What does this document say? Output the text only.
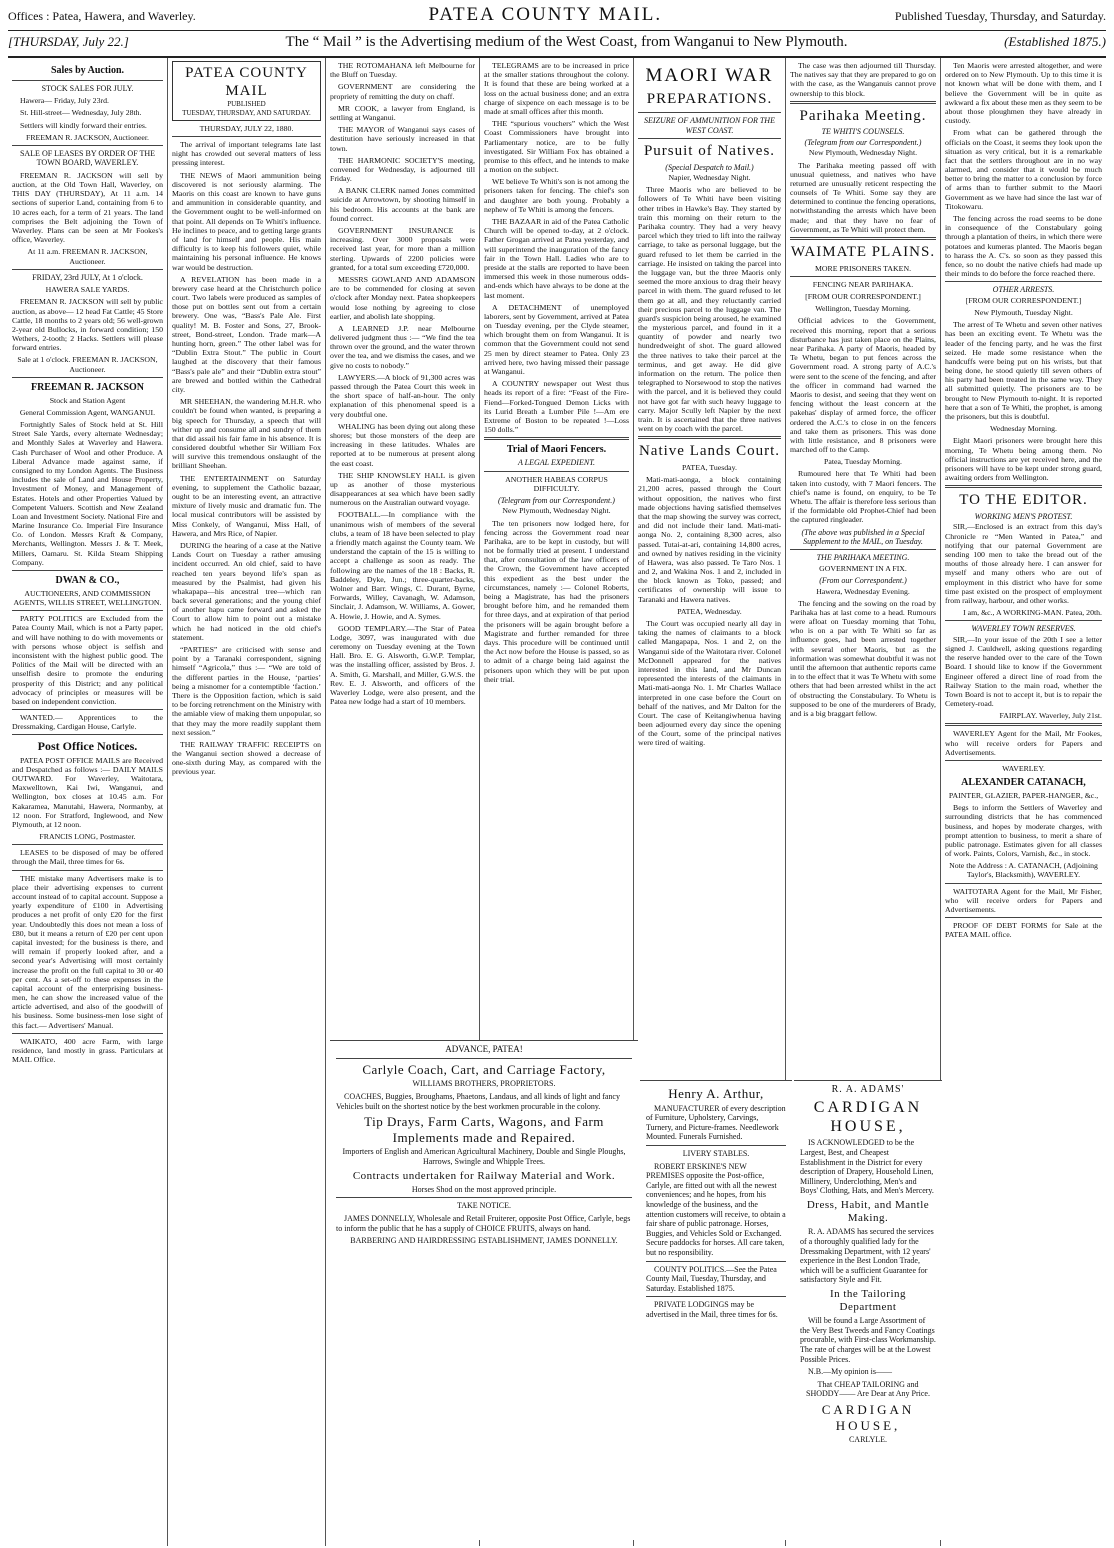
Offices : Patea, Hawera, and Waverley.	PATEA COUNTY MAIL.	Published Tuesday, Thursday, and Saturday.
[THURSDAY, July 22.]	The “ Mail ” is the Advertising medium of the West Coast, from Wanganui to New Plymouth.	(Established 1875.)
Sales by Auction.

STOCK SALES FOR JULY.

Hawera— Friday, July 23rd.

St. Hill-street— Wednesday, July 28th.

Settlers will kindly forward their entries.

FREEMAN R. JACKSON, Auctioneer.

SALE OF LEASES BY ORDER OF THE TOWN BOARD, WAVERLEY.

FREEMAN R. JACKSON will sell by auction, at the Old Town Hall, Waverley, on THIS DAY (THURSDAY), At 11 a.m. 14 sections of superior Land, containing from 6 to 10 acres each, for a term of 21 years. The land comprises the Belt adjoining the Town of Waverley. Plans can be seen at Mr Fookes's office, Waverley.

At 11 a.m. FREEMAN R. JACKSON, Auctioneer.

FRIDAY, 23rd JULY, At 1 o'clock.

HAWERA SALE YARDS.

FREEMAN R. JACKSON will sell by public auction, as above— 12 head Fat Cattle; 45 Store Cattle, 18 months to 2 years old; 56 well-grown 2-year old Bullocks, in forward condition; 150 Wethers, 2-tooth; 2 Hacks. Settlers will please forward entries.

Sale at 1 o'clock. FREEMAN R. JACKSON, Auctioneer.

FREEMAN R. JACKSON

Stock and Station Agent

General Commission Agent, WANGANUI.

Fortnightly Sales of Stock held at St. Hill Street Sale Yards, every alternate Wednesday; and Monthly Sales at Waverley and Hawera. Cash Purchaser of Wool and other Produce. A Liberal Advance made against same, if consigned to my London Agents. The Business includes the sale of Land and House Property, Investment of Money, and Management of Estates. Hotels and other Properties Valued by Competent Valuers. Scottish and New Zealand Loan and Investment Society. National Fire and Marine Insurance Co. Imperial Fire Insurance Co. of London. Messrs Kraft & Company, Merchants, Wellington. Messrs J. & T. Meek, Millers, Oamaru. St. Kilda Steam Shipping Company.

DWAN & CO.,

AUCTIONEERS, AND COMMISSION AGENTS, WILLIS STREET, WELLINGTON.

PARTY POLITICS are Excluded from the Patea County Mail, which is not a Party paper, and will have nothing to do with movements or with persons whose object is selfish and inconsistent with the highest public good. The Politics of the Mail will be directed with an unselfish desire to promote the enduring prosperity of this District; and any political advocacy of principles or measures will be based on independent conviction.

WANTED.— Apprentices to the Dressmaking, Cardigan House, Carlyle.

Post Office Notices.

PATEA POST OFFICE MAILS are Received and Despatched as follows :— DAILY MAILS OUTWARD. For Waverley, Waitotara, Maxwelltown, Kai Iwi, Wanganui, and Wellington, box closes at 10.45 a.m. For Kakaramea, Manutahi, Hawera, Normanby, at 12 noon. For Stratford, Inglewood, and New Plymouth, at 12 noon.

FRANCIS LONG, Postmaster.

LEASES to be disposed of may be offered through the Mail, three times for 6s.

THE mistake many Advertisers make is to place their advertising expenses to current account instead of to capital account. Suppose a yearly expenditure of £100 in Advertising produces a net profit of only £20 for the first year. Undoubtedly this does not mean a loss of £80, but it means a return of £20 per cent upon capital invested; for the business is there, and will remain if properly looked after, and a second year's Advertising will most certainly increase the profit on the full capital to 30 or 40 per cent. As a set-off to these expenses in the capital account of the enterprising business-men, he can show the increased value of the article advertised, and also of the goodwill of his business. Some business-men lose sight of this fact.— Advertisers' Manual.

WAIKATO, 400 acre Farm, with large residence, land mostly in grass. Particulars at MAIL Office.

PATEA COUNTY MAIL
PUBLISHED
TUESDAY, THURSDAY, AND SATURDAY.

THURSDAY, JULY 22, 1880.

The arrival of important telegrams late last night has crowded out several matters of less pressing interest.

THE NEWS of Maori ammunition being discovered is not seriously alarming. The Maoris on this coast are known to have guns and ammunition in considerable quantity, and the Government ought to be well-informed on that point. All depends on Te Whiti's influence. He inclines to peace, and to getting large grants of land for himself and people. His main difficulty is to keep his followers quiet, while maintaining his personal influence. He knows war would be destruction.

A REVELATION has been made in a brewery case heard at the Christchurch police court. Two labels were produced as samples of those put on bottles sent out from a certain brewery. One was, “Bass's Pale Ale. First quality! M. B. Foster and Sons, 27, Brook-street, Bond-street, London. Trade mark—A hunting horn, green.” The other label was for “Dublin Extra Stout.” The public in Court laughed at the discovery that their famous “Bass's pale ale” and their “Dublin extra stout” are brewed and bottled within the Cathedral city.

MR SHEEHAN, the wandering M.H.R. who couldn't be found when wanted, is preparing a big speech for Thursday, a speech that will wither up and consume all and sundry of them that did assail his fair fame in his absence. It is considered doubtful whether Sir William Fox will survive this tremendous onslaught of the brilliant Sheehan.

THE ENTERTAINMENT on Saturday evening, to supplement the Catholic bazaar, ought to be an interesting event, an attractive mixture of lively music and dramatic fun. The local musical contributors will be assisted by Miss Conkely, of Wanganui, Miss Hall, of Hawera, and Mrs Rice, of Napier.

DURING the hearing of a case at the Native Lands Court on Tuesday a rather amusing incident occurred. An old chief, said to have reached ten years beyond life's span as measured by the Psalmist, had given his whakapapa—his ancestral tree—which ran back several generations; and the young chief of another hapu came forward and asked the Court to allow him to point out a mistake which he had noticed in the old chief's statement.

“PARTIES” are criticised with sense and point by a Taranaki correspondent, signing himself “Agricola,” thus :— “We are told of the different parties in the House, ‘parties’ being a misnomer for a contemptible ‘faction.’ There is the Opposition faction, which is said to be forcing retrenchment on the Ministry with the amiable view of making them unpopular, so that they may the more readily supplant them next session.”

THE RAILWAY TRAFFIC RECEIPTS on the Wanganui section showed a decrease of one-sixth during May, as compared with the previous year.

THE ROTOMAHANA left Melbourne for the Bluff on Tuesday.

GOVERNMENT are considering the propriety of remitting the duty on chaff.

MR COOK, a lawyer from England, is settling at Wanganui.

THE MAYOR of Wanganui says cases of destitution have seriously increased in that town.

THE HARMONIC SOCIETY'S meeting, convened for Wednesday, is adjourned till Friday.

A BANK CLERK named Jones committed suicide at Arrowtown, by shooting himself in his bedroom. His accounts at the bank are found correct.

GOVERNMENT INSURANCE is increasing. Over 3000 proposals were received last year, for more than a million sterling. Upwards of 2200 policies were granted, for a total sum exceeding £720,000.

MESSRS GOWLAND AND ADAMSON are to be commended for closing at seven o'clock after Monday next. Patea shopkeepers would lose nothing by agreeing to close earlier, and abolish late shopping.

A LEARNED J.P. near Melbourne delivered judgment thus :— “We find the tea thrown over the ground, and the water thrown over the tea, and we dismiss the cases, and we give no costs to nobody.”

LAWYERS.—A block of 91,300 acres was passed through the Patea Court this week in the short space of half-an-hour. The only explanation of this phenomenal speed is a very doubtful one.

WHALING has been dying out along these shores; but those monsters of the deep are increasing in these latitudes. Whales are reported at to be numerous at present along the east coast.

THE SHIP KNOWSLEY HALL is given up as another of those mysterious disappearances at sea which have been sadly numerous on the Australian outward voyage.

FOOTBALL.—In compliance with the unanimous wish of members of the several clubs, a team of 18 have been selected to play a friendly match against the County team. We understand the captain of the 15 is willing to accept a challenge as soon as ready. The following are the names of the 18 : Backs, R. Baddeley, Dyke, Jun.; three-quarter-backs, Wolner and Barr. Wings, C. Durant, Byrne, Forwards, Willey, Cavanagh, W. Adamson, Sinclair, J. Adamson, W. Williams, A. Gower, A. Howie, J. Howie, and A. Symes.

GOOD TEMPLARY.—The Star of Patea Lodge, 3097, was inaugurated with due ceremony on Tuesday evening at the Town Hall. Bro. E. G. Alsworth, G.W.P. Templar, was the installing officer, assisted by Bros. J. A. Smith, G. Marshall, and Miller, G.W.S. the Rev. E. J. Alsworth, and officers of the Waverley Lodge, were also present, and the Patea new lodge had a start of 10 members.

TELEGRAMS are to be increased in price at the smaller stations throughout the colony. It is found that these are being worked at a loss on the actual business done; and an extra charge of sixpence on each message is to be made at small offices after this month.

THE “spurious vouchers” which the West Coast Commissioners have brought into Parliamentary notice, are to be fully investigated. Sir William Fox has obtained a promise to this effect, and he intends to make a motion on the subject.

WE believe Te Whiti's son is not among the prisoners taken for fencing. The chief's son and daughter are both young. Probably a nephew of Te Whiti is among the fencers.

THE BAZAAR in aid of the Patea Catholic Church will be opened to-day, at 2 o'clock. Father Grogan arrived at Patea yesterday, and will superintend the inauguration of the fancy fair in the Town Hall. Ladies who are to preside at the stalls are reported to have been immersed this week in those numerous odds-and-ends which have always to be done at the last moment.

A DETACHMENT of unemployed laborers, sent by Government, arrived at Patea on Tuesday evening, per the Clyde steamer, which brought them on from Wanganui. It is common that the Government could not send 25 men by direct steamer to Patea. Only 23 arrived here, two having missed their passage at Wanganui.

A COUNTRY newspaper out West thus heads its report of a fire: “Feast of the Fire-Fiend—Forked-Tongued Demon Licks with its Lurid Breath a Lumber Pile !—Am ere Extreme of Boston to be repeated !—Loss 150 dolls.”

Trial of Maori Fencers.
A LEGAL EXPEDIENT.

ANOTHER HABEAS CORPUS DIFFICULTY.

(Telegram from our Correspondent.)

New Plymouth, Wednesday Night.

The ten prisoners now lodged here, for fencing across the Government road near Parihaka, are to be kept in custody, but will not be formally tried at present. I understand that, after consultation of the law officers of the Crown, the Government have accepted this expedient as the best under the circumstances, namely :— Colonel Roberts, being a Magistrate, has had the prisoners brought before him, and he remanded them for three days, and at expiration of that period the prisoners will be again brought before a Magistrate and further remanded for three days. This procedure will be continued until the Act now before the House is passed, so as to admit of a charge being laid against the prisoners upon which they will be put upon their trial.

MAORI WAR
PREPARATIONS.
SEIZURE OF AMMUNITION FOR THE WEST COAST.
Pursuit of Natives.
(Special Despatch to Mail.)

Napier, Wednesday Night.

Three Maoris who are believed to be followers of Te Whiti have been visiting other tribes in Hawke's Bay. They started by train this morning on their return to the Parihaka country. They had a very heavy parcel which they tried to lift into the railway carriage, to take as personal luggage, but the guard refused to let them be carried in the carriage. He insisted on taking the parcel into the luggage van, but the three Maoris only seemed the more anxious to drag their heavy parcel in with them. The guard refused to let them go at all, and they reluctantly carried their precious parcel to the luggage van. The guard's suspicion being aroused, he examined the mysterious parcel, and found in it a quantity of powder and nearly two hundredweight of shot. The guard allowed the three natives to take their parcel at the terminus, and get away. He did give information on the return. The police then telegraphed to Norsewood to stop the natives with the parcel, and it is believed they could not have got far with such heavy luggage to carry. Major Scully left Napier by the next train. It is ascertained that the three natives went on by coach with the parcel.

Native Lands Court.

PATEA, Tuesday.

Mati-mati-aonga, a block containing 21,200 acres, passed through the Court without opposition, the natives who first made objections having satisfied themselves that the map showing the survey was correct, and did not include their land. Mati-mati-aonga No. 2, containing 8,300 acres, also passed. Tutai-at-ari, containing 14,800 acres, and owned by natives residing in the vicinity of Hawera, was also passed. Te Taro Nos. 1 and 2, and Wakina Nos. 1 and 2, included in the block known as Toko, passed; and certificates of ownership will issue to Taranaki and Hawera natives.

PATEA, Wednesday.

The Court was occupied nearly all day in taking the names of claimants to a block called Mangapapa, Nos. 1 and 2, on the Wanganui side of the Waitotara river. Colonel McDonnell appeared for the natives interested in this land, and Mr Duncan represented the interests of the claimants in Mati-mati-aonga No. 1. Mr Charles Wallace interpreted in one case before the Court on behalf of the natives, and Mr Dalton for the Court. The case of Keitangiwhenua having been adjourned every day since the opening of the Court, some of the principal natives were tired of waiting.

The case was then adjourned till Thursday. The natives say that they are prepared to go on with the case, as the Wanganuis cannot prove ownership to this block.

Parihaka Meeting.
TE WHITI'S COUNSELS.
(Telegram from our Correspondent.)

New Plymouth, Wednesday Night.

The Parihaka meeting passed off with unusual quietness, and natives who have returned are unusually reticent respecting the counsels of Te Whiti. Some say they are determined to continue the fencing operations, notwithstanding the arrests which have been made; and that they have no fear of Government, as Te Whiti will protect them.

WAIMATE PLAINS.

MORE PRISONERS TAKEN.

FENCING NEAR PARIHAKA.

[FROM OUR CORRESPONDENT.]

Wellington, Tuesday Morning.

Official advices to the Government, received this morning, report that a serious disturbance has just taken place on the Plains, near Parihaka. A party of Maoris, headed by Te Whetu, began to put fences across the Government road. A strong party of A.C.'s were sent to the scene of the fencing, and after the officer in command had warned the Maoris to desist, and seeing that they went on fencing without the least concern at the pakehas' display of armed force, the officer ordered the A.C.'s to close in on the fencers and take them as prisoners. This was done with little resistance, and 8 prisoners were marched off to the Camp.

Patea, Tuesday Morning.

Rumoured here that Te Whiti had been taken into custody, with 7 Maori fencers. The chief's name is found, on enquiry, to be Te Whetu. The affair is therefore less serious than if the formidable old Prophet-Chief had been the captured ringleader.

(The above was published in a Special Supplement to the MAIL, on Tuesday.
THE PARIHAKA MEETING.

GOVERNMENT IN A FIX.

(From our Correspondent.)

Hawera, Wednesday Evening.

The fencing and the sowing on the road by Parihaka has at last come to a head. Rumours were afloat on Tuesday morning that Tohu, who is on a par with Te Whiti so far as influence goes, had been arrested together with several other Maoris, but as the information was somewhat doubtful it was not until the afternoon that authentic reports came in to the effect that it was Te Whetu with some others that had been arrested whilst in the act of obstructing the Constabulary. To Whetu is supposed to be one of the murderers of Brady, and is a big braggart fellow.

Ten Maoris were arrested altogether, and were ordered on to New Plymouth. Up to this time it is not known what will be done with them, and I believe the Government will be in quite as awkward a fix about these men as they seem to be about those ploughmen they have already in custody.

From what can be gathered through the officials on the Coast, it seems they look upon the situation as very critical, but it is a remarkable fact that the settlers throughout are in no way alarmed, and consider that it would be much better to bring the matter to a conclusion by force of arms than to further submit to the Maori Government as we have had since the last war of Titokowaru.

The fencing across the road seems to be done in consequence of the Constabulary going through a plantation of theirs, in which there were potatoes and kumeras planted. The Maoris began to harass the A. C's. so soon as they passed this fence, so no doubt the native chiefs had made up their minds to do before the force reached there.

OTHER ARRESTS.

[FROM OUR CORRESPONDENT.]

New Plymouth, Tuesday Night.

The arrest of Te Whetu and seven other natives has been an exciting event. Te Whetu was the leader of the fencing party, and he was the first seized. He made some resistance when the handcuffs were being put on his wrists, but that being done, he stood quietly till seven others of his party had been treated in the same way. They all submitted quietly. The prisoners are to be brought to New Plymouth to-night. It is reported here that a son of Te Whiti, the prophet, is among the prisoners, but this is doubtful.

Wednesday Morning.

Eight Maori prisoners were brought here this morning, Te Whetu being among them. No official instructions are yet received here, and the prisoners will have to be kept under strong guard, awaiting orders from Wellington.

TO THE EDITOR.
WORKING MEN'S PROTEST.

SIR,—Enclosed is an extract from this day's Chronicle re “Men Wanted in Patea,” and notifying that our paternal Government are sending 100 men to take the bread out of the mouths of those already here. I can answer for myself and many others who are out of employment in this district who have for some time past existed on the prospect of employment from railway, harbour, and other works.

I am, &c., A WORKING-MAN. Patea, 20th.

WAVERLEY TOWN RESERVES.

SIR,—In your issue of the 20th I see a letter signed J. Cauldwell, asking questions regarding the reserve handed over to the care of the Town Board. I should like to know if the Government Engineer offered a direct line of road from the Railway Station to the main road, whether the Town Board is not to accept it, but is to repair the Cemetery-road.

FAIRPLAY. Waverley, July 21st.

WAVERLEY Agent for the Mail, Mr Fookes, who will receive orders for Papers and Advertisements.

WAVERLEY.

ALEXANDER CATANACH,

PAINTER, GLAZIER, PAPER-HANGER, &c.,

Begs to inform the Settlers of Waverley and surrounding districts that he has commenced business, and hopes by moderate charges, with prompt attention to business, to merit a share of public patronage. Estimates given for all classes of work. Paints, Colors, Varnish, &c., in stock.

Note the Address : A. CATANACH, (Adjoining Taylor's, Blacksmith), WAVERLEY.

WAITOTARA Agent for the Mail, Mr Fisher, who will receive orders for Papers and Advertisements.

PROOF OF DEBT FORMS for Sale at the PATEA MAIL office.

ADVANCE, PATEA!
Carlyle Coach, Cart, and Carriage Factory,

WILLIAMS BROTHERS, PROPRIETORS.

COACHES, Buggies, Broughams, Phaetons, Landaus, and all kinds of light and fancy Vehicles built on the shortest notice by the best workmen procurable in the colony.

Tip Drays, Farm Carts, Wagons, and Farm Implements made and Repaired.

Importers of English and American Agricultural Machinery, Double and Single Ploughs, Harrows, Swingle and Whipple Trees.

Contracts undertaken for Railway Material and Work.

Horses Shod on the most approved principle.

TAKE NOTICE.

JAMES DONNELLY, Wholesale and Retail Fruiterer, opposite Post Office, Carlyle, begs to inform the public that he has a supply of CHOICE FRUITS, always on hand.

BARBERING AND HAIRDRESSING ESTABLISHMENT, JAMES DONNELLY.

Henry A. Arthur,

MANUFACTURER of every description of Furniture, Upholstery, Carvings, Turnery, and Picture-frames. Needlework Mounted. Funerals Furnished.

LIVERY STABLES.

ROBERT ERSKINE'S NEW PREMISES opposite the Post-office, Carlyle, are fitted out with all the newest conveniences; and he hopes, from his knowledge of the business, and the attention customers will receive, to obtain a fair share of public patronage. Horses, Buggies, and Vehicles Sold or Exchanged. Secure paddocks for horses. All care taken, but no responsibility.

COUNTY POLITICS.—See the Patea County Mail, Tuesday, Thursday, and Saturday. Established 1875.

PRIVATE LODGINGS may be advertised in the Mail, three times for 6s.

R. A. ADAMS'
CARDIGAN HOUSE,

IS ACKNOWLEDGED to be the Largest, Best, and Cheapest Establishment in the District for every description of Drapery, Household Linen, Millinery, Underclothing, Men's and Boys' Clothing, Hats, and Men's Mercery.

Dress, Habit, and Mantle Making.

R. A. ADAMS has secured the services of a thoroughly qualified lady for the Dressmaking Department, with 12 years' experience in the Best London Trade, which will be a sufficient Guarantee for satisfactory Style and Fit.

In the Tailoring Department

Will be found a Large Assortment of the Very Best Tweeds and Fancy Coatings procurable, with First-class Workmanship. The rate of charges will be at the Lowest Possible Prices.

N.B.—My opinion is——

That CHEAP TAILORING and SHODDY—— Are Dear at Any Price.

CARDIGAN HOUSE,

CARLYLE.
